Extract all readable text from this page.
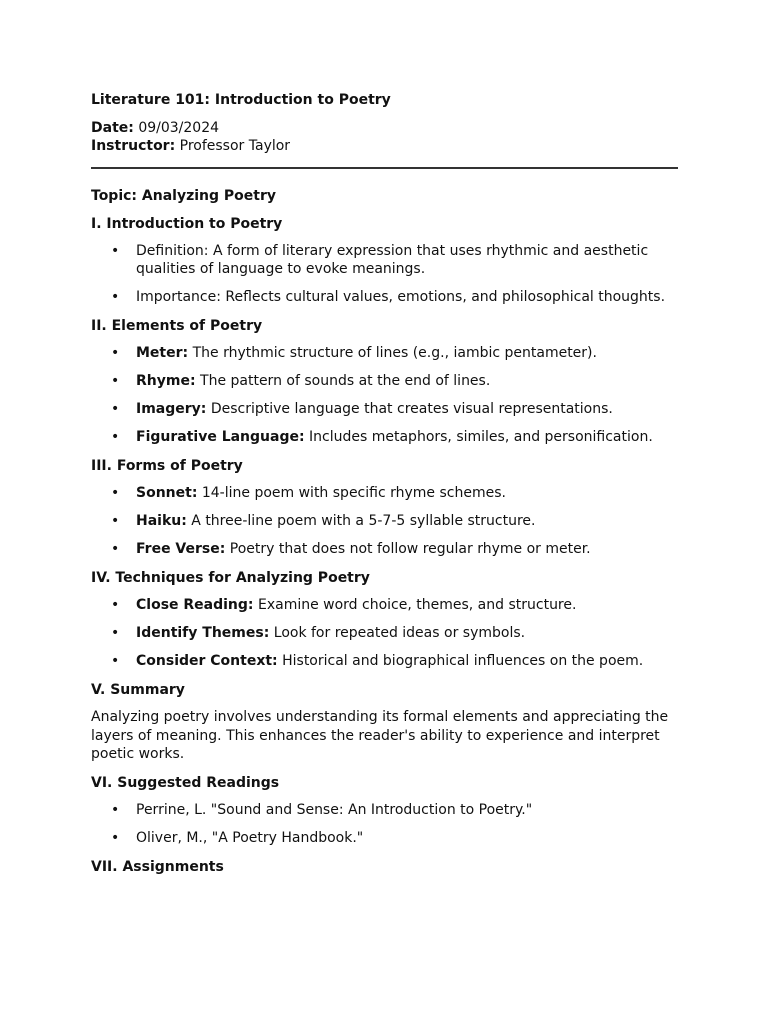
Literature 101: Introduction to Poetry

Date: 09/03/2024

Instructor: Professor Taylor

Topic: Analyzing Poetry
I. Introduction to Poetry
• Definition: A form of literary expression that uses rhythmic and aesthetic qualities of language to evoke meanings.
• Importance: Reflects cultural values, emotions, and philosophical thoughts.
II. Elements of Poetry
• Meter: The rhythmic structure of lines (e.g., iambic pentameter).
• Rhyme: The pattern of sounds at the end of lines.
• Imagery: Descriptive language that creates visual representations.
• Figurative Language: Includes metaphors, similes, and personification.
III. Forms of Poetry
• Sonnet: 14-line poem with specific rhyme schemes.
• Haiku: A three-line poem with a 5-7-5 syllable structure.
• Free Verse: Poetry that does not follow regular rhyme or meter.
IV. Techniques for Analyzing Poetry
• Close Reading: Examine word choice, themes, and structure.
• Identify Themes: Look for repeated ideas or symbols.
• Consider Context: Historical and biographical influences on the poem.
V. Summary

Analyzing poetry involves understanding its formal elements and appreciating the layers of meaning. This enhances the reader's ability to experience and interpret poetic works.

VI. Suggested Readings
• Perrine, L. "Sound and Sense: An Introduction to Poetry."
• Oliver, M., "A Poetry Handbook."
VII. Assignments
